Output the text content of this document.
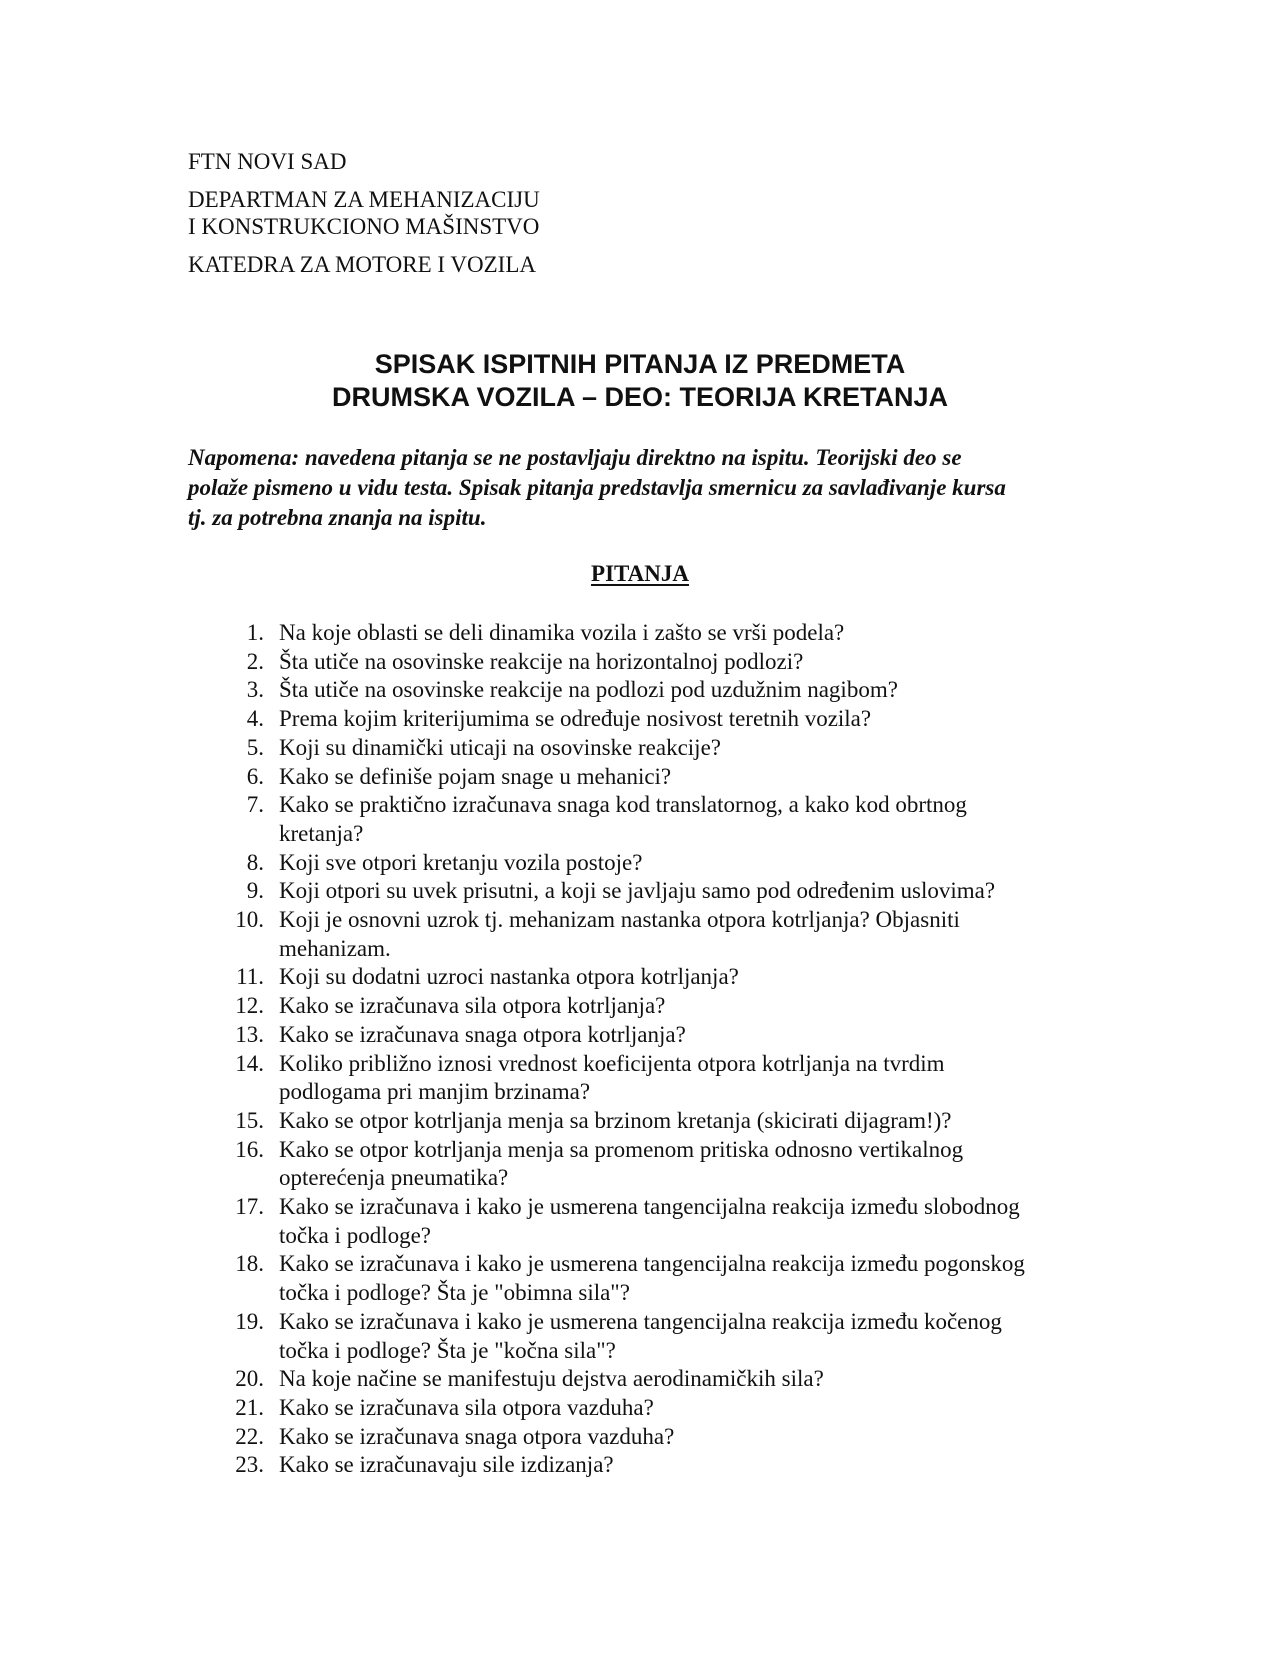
FTN NOVI SAD
DEPARTMAN ZA MEHANIZACIJU
I KONSTRUKCIONO MAŠINSTVO
KATEDRA ZA MOTORE I VOZILA
SPISAK ISPITNIH PITANJA IZ PREDMETA
DRUMSKA VOZILA – DEO: TEORIJA KRETANJA
Napomena: navedena pitanja se ne postavljaju direktno na ispitu. Teorijski deo se
polaže pismeno u vidu testa. Spisak pitanja predstavlja smernicu za savlađivanje kursa
tj. za potrebna znanja na ispitu.
PITANJA
1. Na koje oblasti se deli dinamika vozila i zašto se vrši podela?
2. Šta utiče na osovinske reakcije na horizontalnoj podlozi?
3. Šta utiče na osovinske reakcije na podlozi pod uzdužnim nagibom?
4. Prema kojim kriterijumima se određuje nosivost teretnih vozila?
5. Koji su dinamički uticaji na osovinske reakcije?
6. Kako se definiše pojam snage u mehanici?
7. Kako se praktično izračunava snaga kod translatornog, a kako kod obrtnog
kretanja?
8. Koji sve otpori kretanju vozila postoje?
9. Koji otpori su uvek prisutni, a koji se javljaju samo pod određenim uslovima?
10. Koji je osnovni uzrok tj. mehanizam nastanka otpora kotrljanja? Objasniti
mehanizam.
11. Koji su dodatni uzroci nastanka otpora kotrljanja?
12. Kako se izračunava sila otpora kotrljanja?
13. Kako se izračunava snaga otpora kotrljanja?
14. Koliko približno iznosi vrednost koeficijenta otpora kotrljanja na tvrdim
podlogama pri manjim brzinama?
15. Kako se otpor kotrljanja menja sa brzinom kretanja (skicirati dijagram!)?
16. Kako se otpor kotrljanja menja sa promenom pritiska odnosno vertikalnog
opterećenja pneumatika?
17. Kako se izračunava i kako je usmerena tangencijalna reakcija između slobodnog
točka i podloge?
18. Kako se izračunava i kako je usmerena tangencijalna reakcija između pogonskog
točka i podloge? Šta je "obimna sila"?
19. Kako se izračunava i kako je usmerena tangencijalna reakcija između kočenog
točka i podloge? Šta je "kočna sila"?
20. Na koje načine se manifestuju dejstva aerodinamičkih sila?
21. Kako se izračunava sila otpora vazduha?
22. Kako se izračunava snaga otpora vazduha?
23. Kako se izračunavaju sile izdizanja?
